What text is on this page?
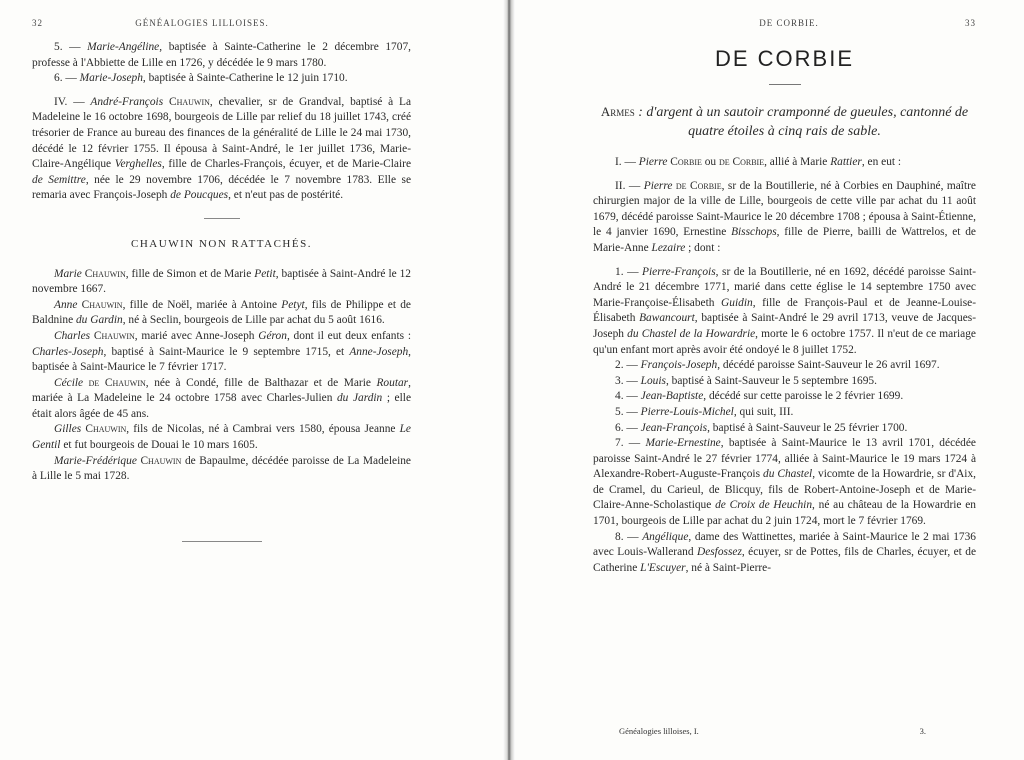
32	GÉNÉALOGIES LILLOISES.

5. — Marie-Angéline, baptisée à Sainte-Catherine le 2 décembre 1707, professe à l'Abbiette de Lille en 1726, y décédée le 9 mars 1780.

6. — Marie-Joseph, baptisée à Sainte-Catherine le 12 juin 1710.

IV. — André-François Chauwin, chevalier, sr de Grandval, baptisé à La Madeleine le 16 octobre 1698, bourgeois de Lille par relief du 18 juillet 1743, créé trésorier de France au bureau des finances de la généralité de Lille le 24 mai 1730, décédé le 12 février 1755. Il épousa à Saint-André, le 1er juillet 1736, Marie-Claire-Angélique Verghelles, fille de Charles-François, écuyer, et de Marie-Claire de Semittre, née le 29 novembre 1706, décédée le 7 novembre 1783. Elle se remaria avec François-Joseph de Poucques, et n'eut pas de postérité.

CHAUWIN NON RATTACHÉS.

Marie Chauwin, fille de Simon et de Marie Petit, baptisée à Saint-André le 12 novembre 1667.

Anne Chauwin, fille de Noël, mariée à Antoine Petyt, fils de Philippe et de Baldnine du Gardin, né à Seclin, bourgeois de Lille par achat du 5 août 1616.

Charles Chauwin, marié avec Anne-Joseph Géron, dont il eut deux enfants : Charles-Joseph, baptisé à Saint-Maurice le 9 septembre 1715, et Anne-Joseph, baptisée à Saint-Maurice le 7 février 1717.

Cécile de Chauwin, née à Condé, fille de Balthazar et de Marie Routar, mariée à La Madeleine le 24 octobre 1758 avec Charles-Julien du Jardin ; elle était alors âgée de 45 ans.

Gilles Chauwin, fils de Nicolas, né à Cambrai vers 1580, épousa Jeanne Le Gentil et fut bourgeois de Douai le 10 mars 1605.

Marie-Frédérique Chauwin de Bapaulme, décédée paroisse de La Madeleine à Lille le 5 mai 1728.

DE CORBIE.	33
DE CORBIE
Armes : d'argent à un sautoir cramponné de gueules, cantonné de quatre étoiles à cinq rais de sable.

I. — Pierre Corbie ou de Corbie, allié à Marie Rattier, en eut :

II. — Pierre de Corbie, sr de la Boutillerie, né à Corbies en Dauphiné, maître chirurgien major de la ville de Lille, bourgeois de cette ville par achat du 11 août 1679, décédé paroisse Saint-Maurice le 20 décembre 1708 ; épousa à Saint-Étienne, le 4 janvier 1690, Ernestine Bisschops, fille de Pierre, bailli de Wattrelos, et de Marie-Anne Lezaire ; dont :

1. — Pierre-François, sr de la Boutillerie, né en 1692, décédé paroisse Saint-André le 21 décembre 1771, marié dans cette église le 14 septembre 1750 avec Marie-Françoise-Élisabeth Guidin, fille de François-Paul et de Jeanne-Louise-Élisabeth Bawancourt, baptisée à Saint-André le 29 avril 1713, veuve de Jacques-Joseph du Chastel de la Howardrie, morte le 6 octobre 1757. Il n'eut de ce mariage qu'un enfant mort après avoir été ondoyé le 8 juillet 1752.

2. — François-Joseph, décédé paroisse Saint-Sauveur le 26 avril 1697.

3. — Louis, baptisé à Saint-Sauveur le 5 septembre 1695.

4. — Jean-Baptiste, décédé sur cette paroisse le 2 février 1699.

5. — Pierre-Louis-Michel, qui suit, III.

6. — Jean-François, baptisé à Saint-Sauveur le 25 février 1700.

7. — Marie-Ernestine, baptisée à Saint-Maurice le 13 avril 1701, décédée paroisse Saint-André le 27 février 1774, alliée à Saint-Maurice le 19 mars 1724 à Alexandre-Robert-Auguste-François du Chastel, vicomte de la Howardrie, sr d'Aix, de Cramel, du Carieul, de Blicquy, fils de Robert-Antoine-Joseph et de Marie-Claire-Anne-Scholastique de Croix de Heuchin, né au château de la Howardrie en 1701, bourgeois de Lille par achat du 2 juin 1724, mort le 7 février 1769.

8. — Angélique, dame des Wattinettes, mariée à Saint-Maurice le 2 mai 1736 avec Louis-Wallerand Desfossez, écuyer, sr de Pottes, fils de Charles, écuyer, et de Catherine L'Escuyer, né à Saint-Pierre-

Généalogies lilloises, I.	3.
